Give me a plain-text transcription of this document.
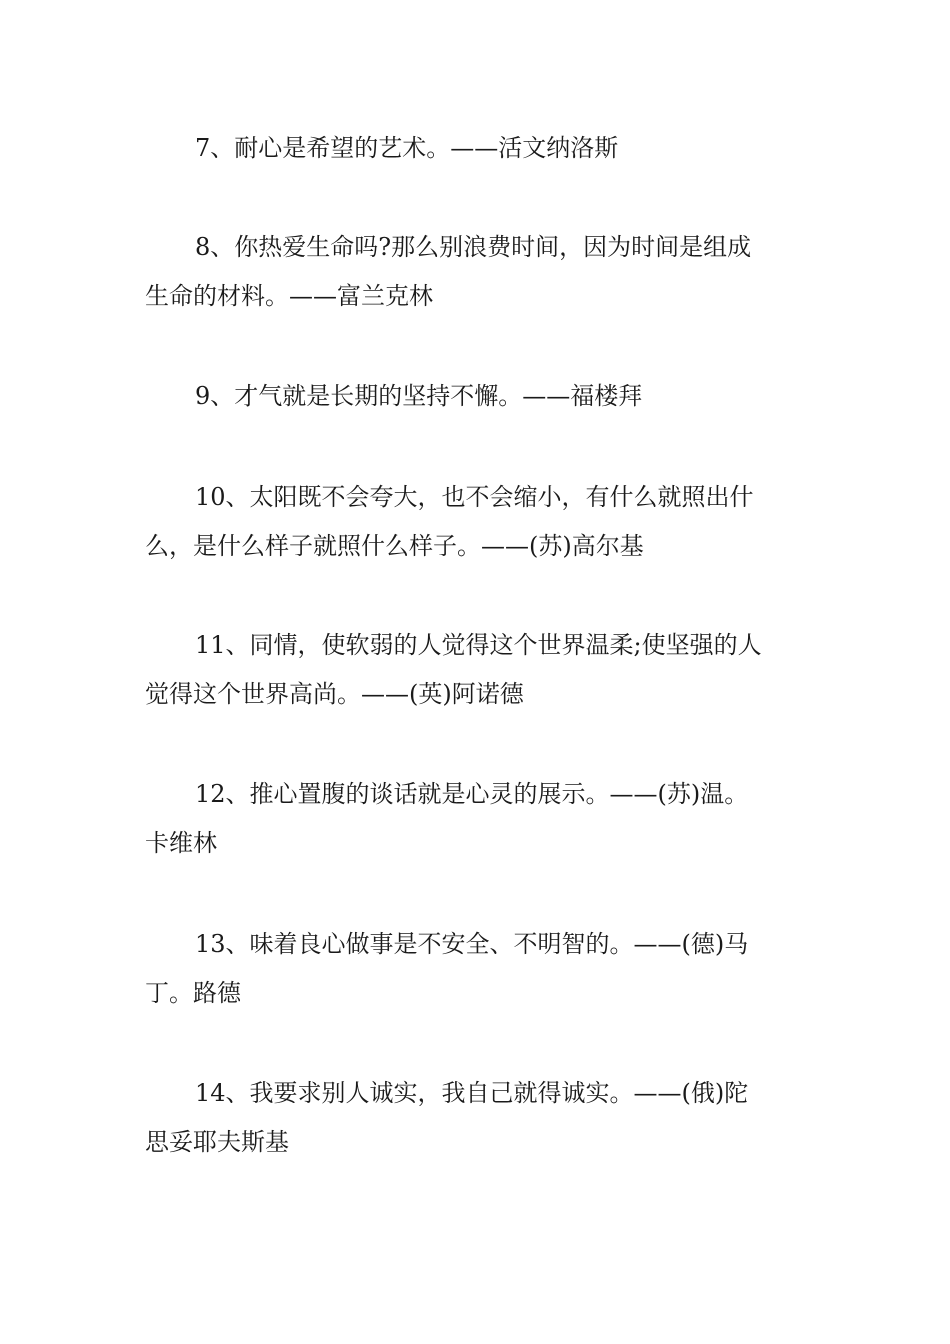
7、耐心是希望的艺术。——活文纳洛斯

8、你热爱生命吗?那么别浪费时间，因为时间是组成
生命的材料。——富兰克林

9、才气就是长期的坚持不懈。——福楼拜

10、太阳既不会夸大，也不会缩小，有什么就照出什
么，是什么样子就照什么样子。——(苏)高尔基

11、同情，使软弱的人觉得这个世界温柔;使坚强的人
觉得这个世界高尚。——(英)阿诺德

12、推心置腹的谈话就是心灵的展示。——(苏)温。
卡维林

13、味着良心做事是不安全、不明智的。——(德)马
丁。路德

14、我要求别人诚实，我自己就得诚实。——(俄)陀
思妥耶夫斯基
